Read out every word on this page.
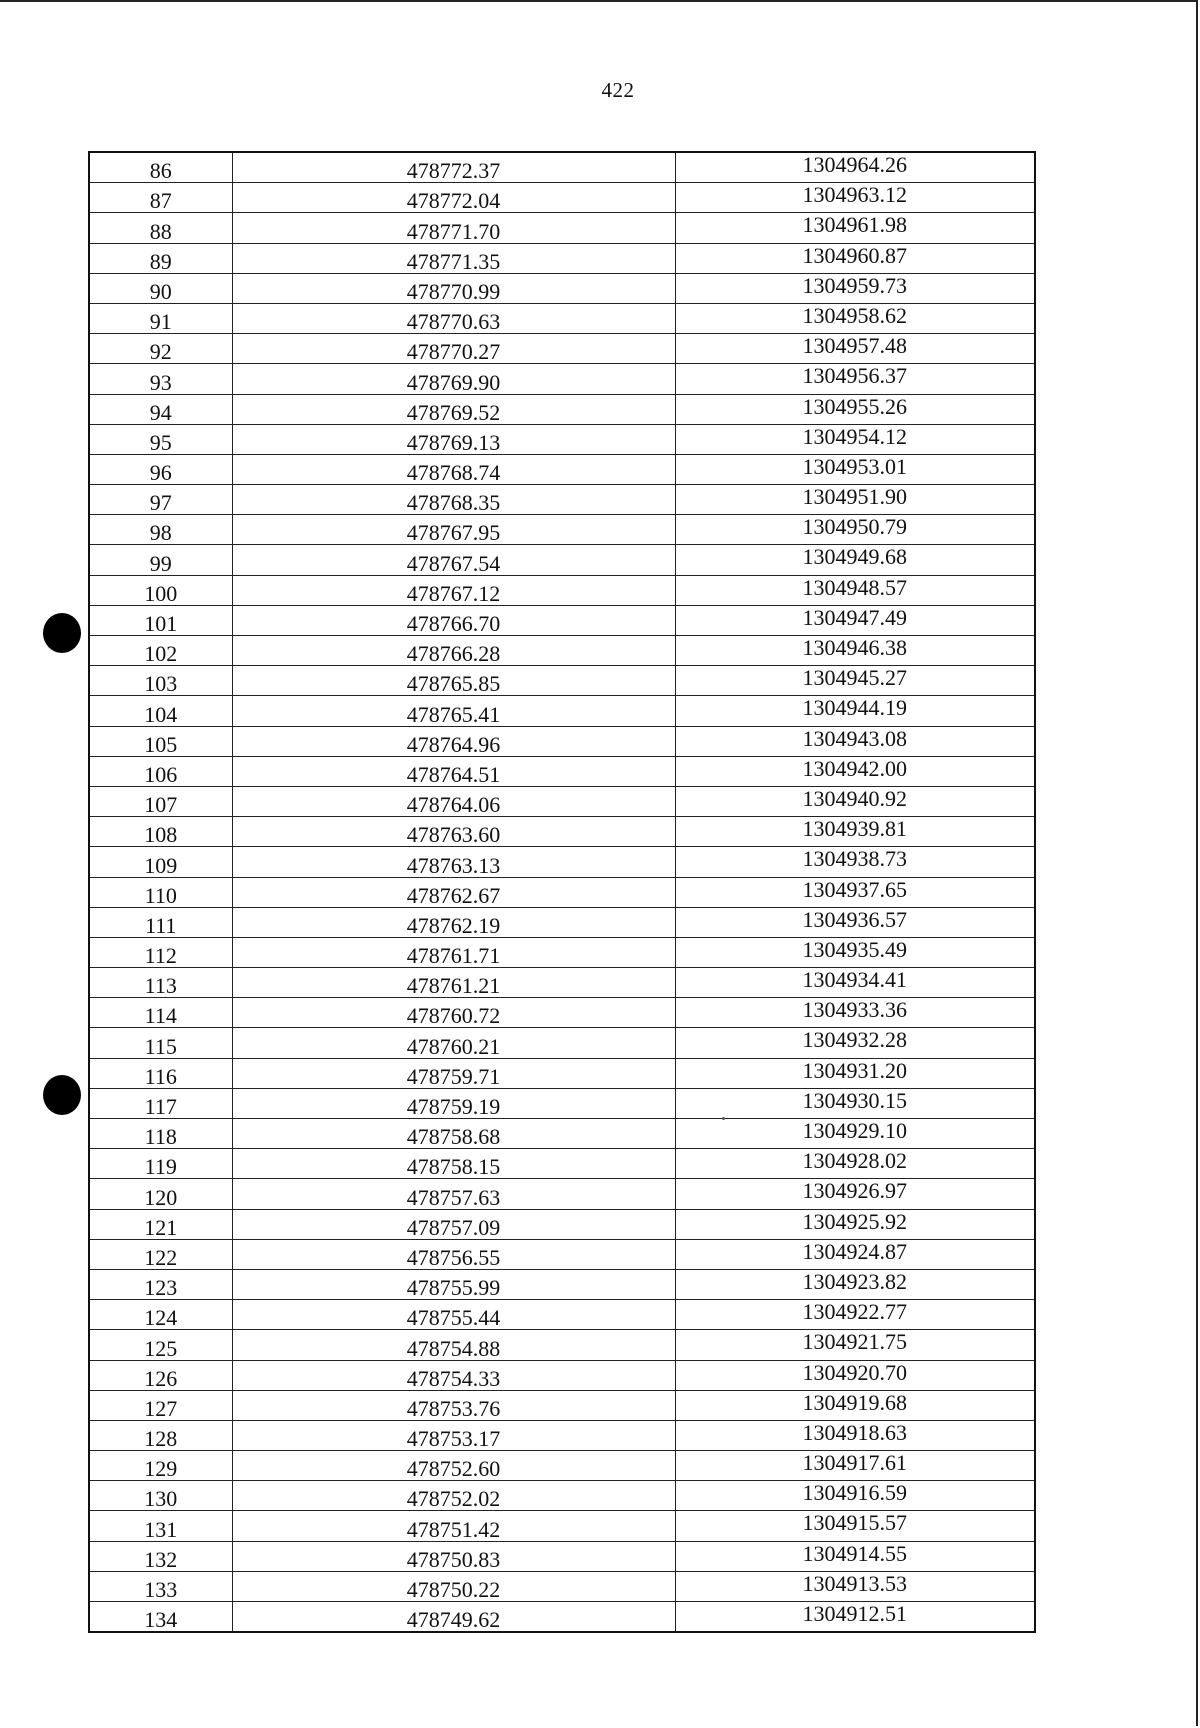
422
86	478772.37	1304964.26
87	478772.04	1304963.12
88	478771.70	1304961.98
89	478771.35	1304960.87
90	478770.99	1304959.73
91	478770.63	1304958.62
92	478770.27	1304957.48
93	478769.90	1304956.37
94	478769.52	1304955.26
95	478769.13	1304954.12
96	478768.74	1304953.01
97	478768.35	1304951.90
98	478767.95	1304950.79
99	478767.54	1304949.68
100	478767.12	1304948.57
101	478766.70	1304947.49
102	478766.28	1304946.38
103	478765.85	1304945.27
104	478765.41	1304944.19
105	478764.96	1304943.08
106	478764.51	1304942.00
107	478764.06	1304940.92
108	478763.60	1304939.81
109	478763.13	1304938.73
110	478762.67	1304937.65
111	478762.19	1304936.57
112	478761.71	1304935.49
113	478761.21	1304934.41
114	478760.72	1304933.36
115	478760.21	1304932.28
116	478759.71	1304931.20
117	478759.19	1304930.15
118	478758.68	1304929.10
119	478758.15	1304928.02
120	478757.63	1304926.97
121	478757.09	1304925.92
122	478756.55	1304924.87
123	478755.99	1304923.82
124	478755.44	1304922.77
125	478754.88	1304921.75
126	478754.33	1304920.70
127	478753.76	1304919.68
128	478753.17	1304918.63
129	478752.60	1304917.61
130	478752.02	1304916.59
131	478751.42	1304915.57
132	478750.83	1304914.55
133	478750.22	1304913.53
134	478749.62	1304912.51
